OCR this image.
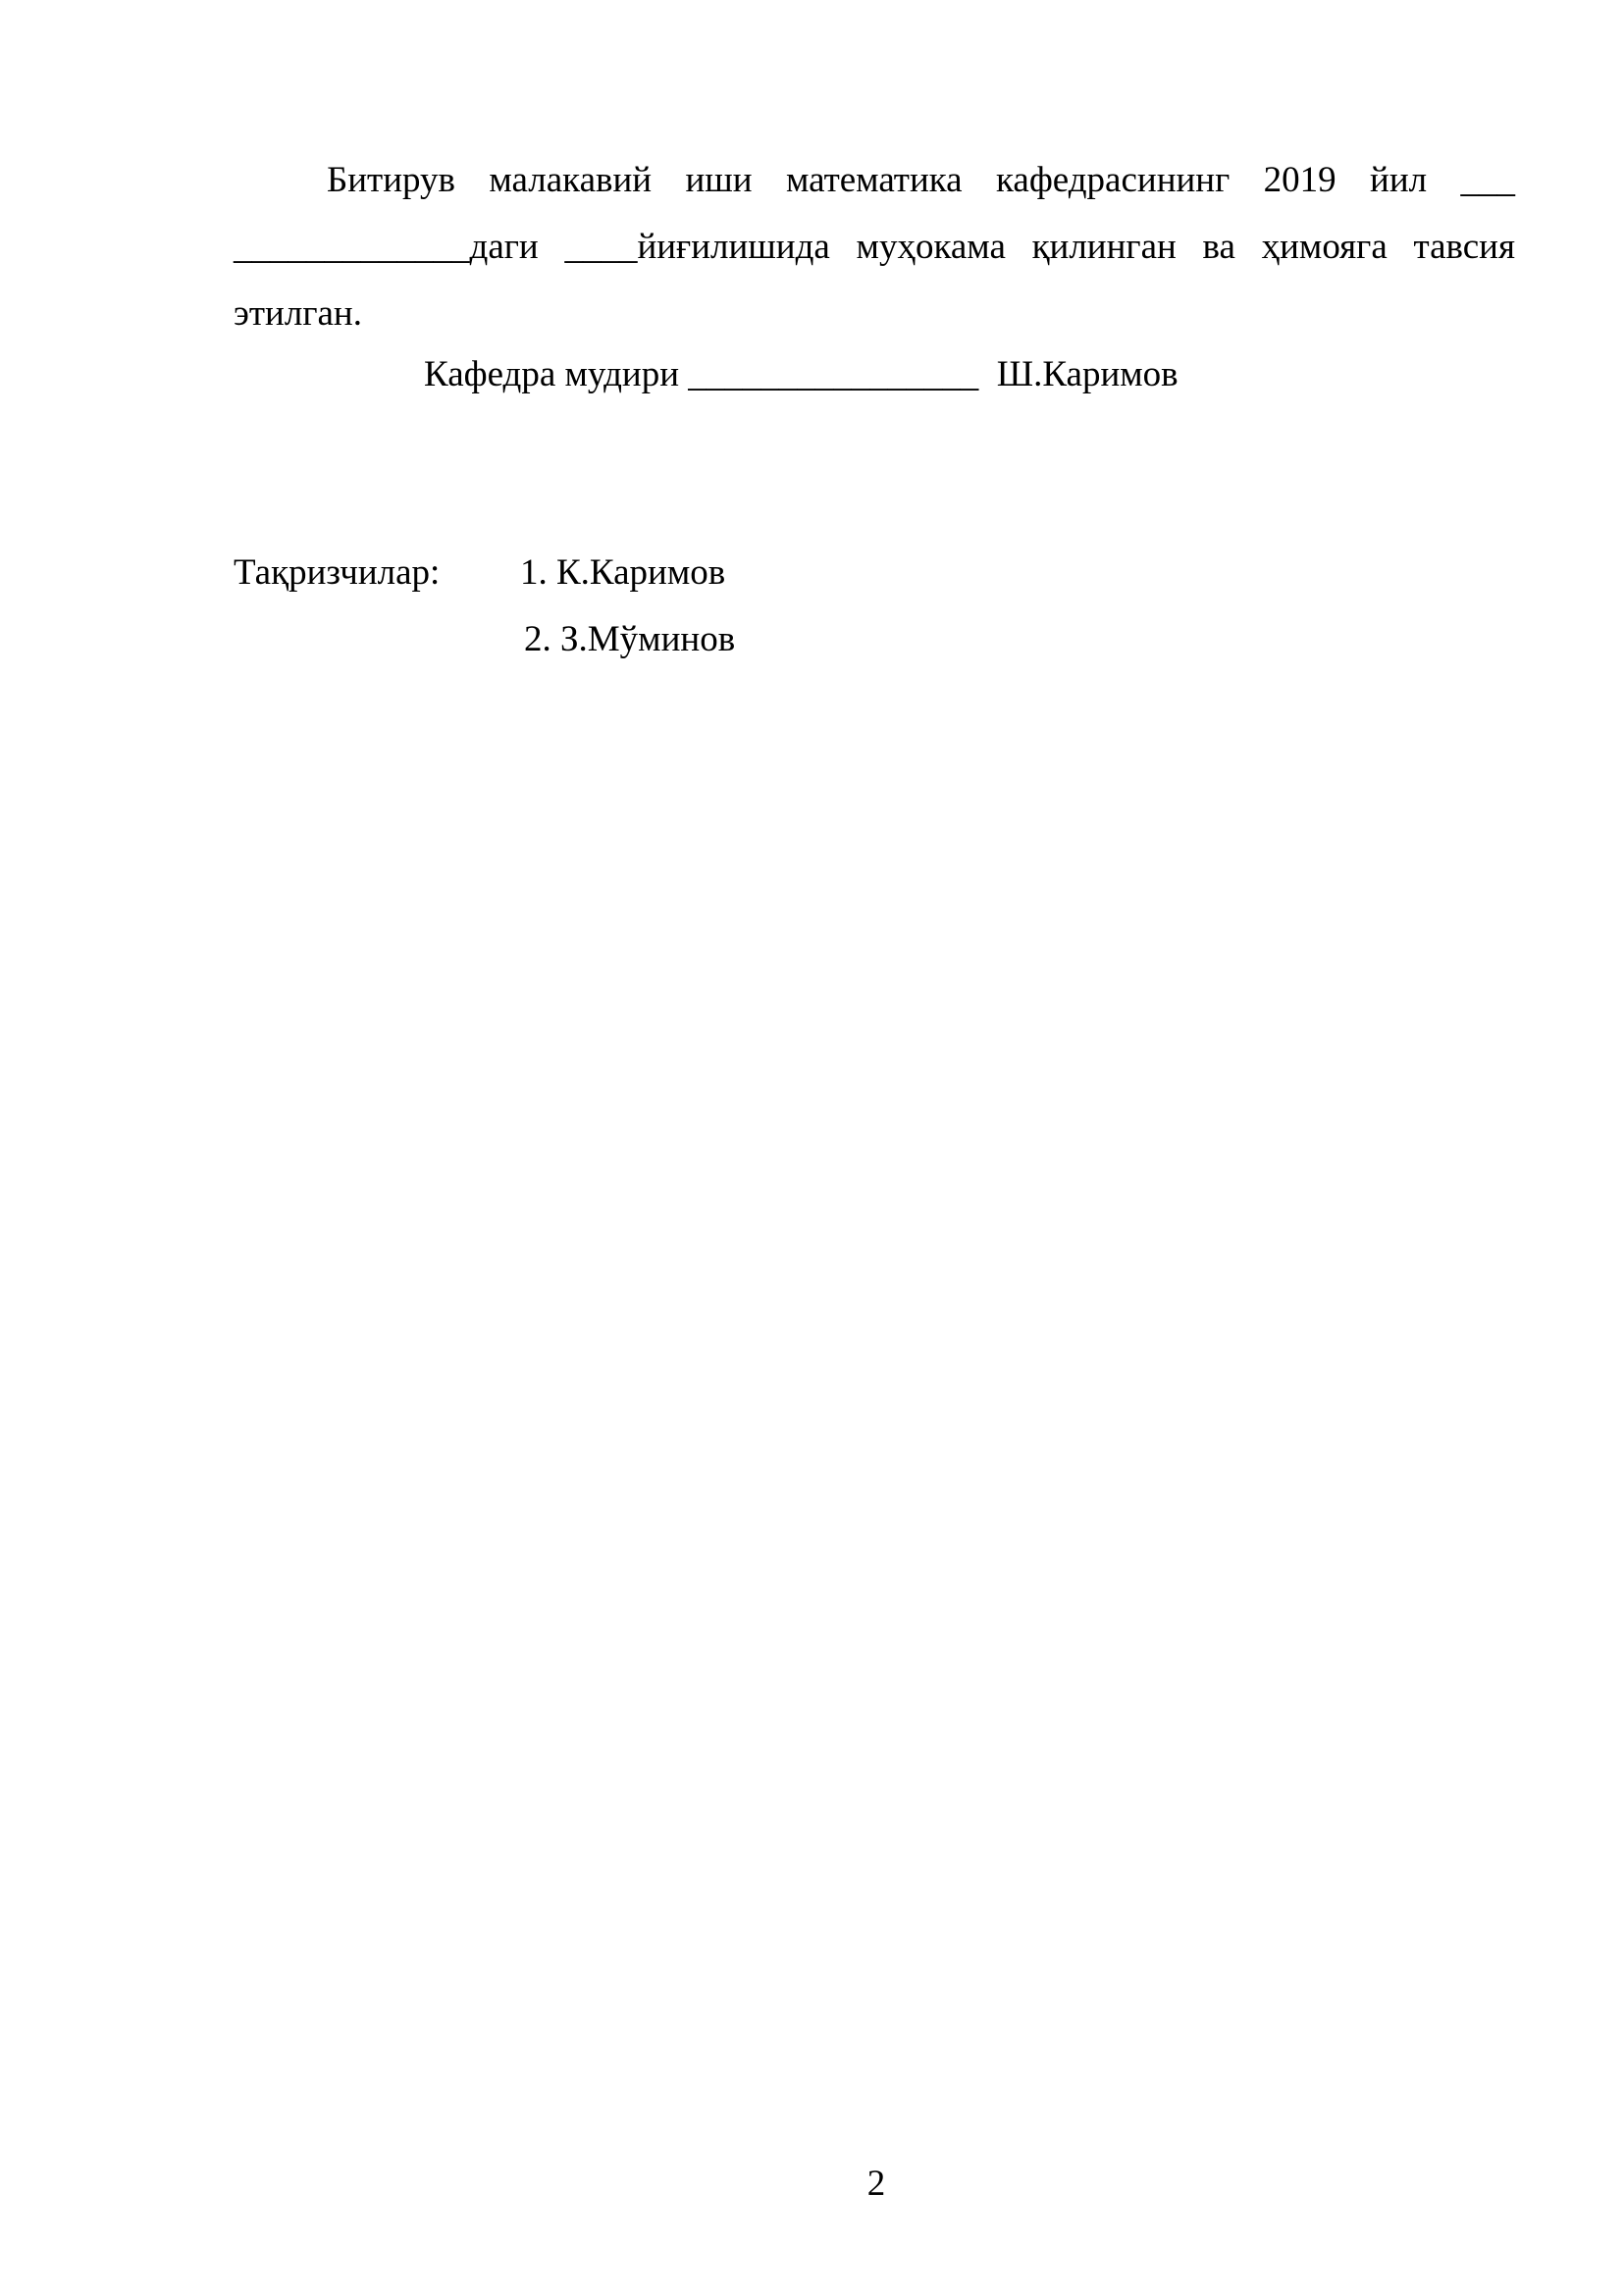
Битирув малакавий иши математика кафедрасининг 2019 йил ___ _____________даги ____йиғилишида муҳокама қилинган ва ҳимояга тавсия этилган.

Кафедра мудири ________________  Ш.Каримов
Тақризчилар: 1. К.Каримов
2. З.Мўминов
2
